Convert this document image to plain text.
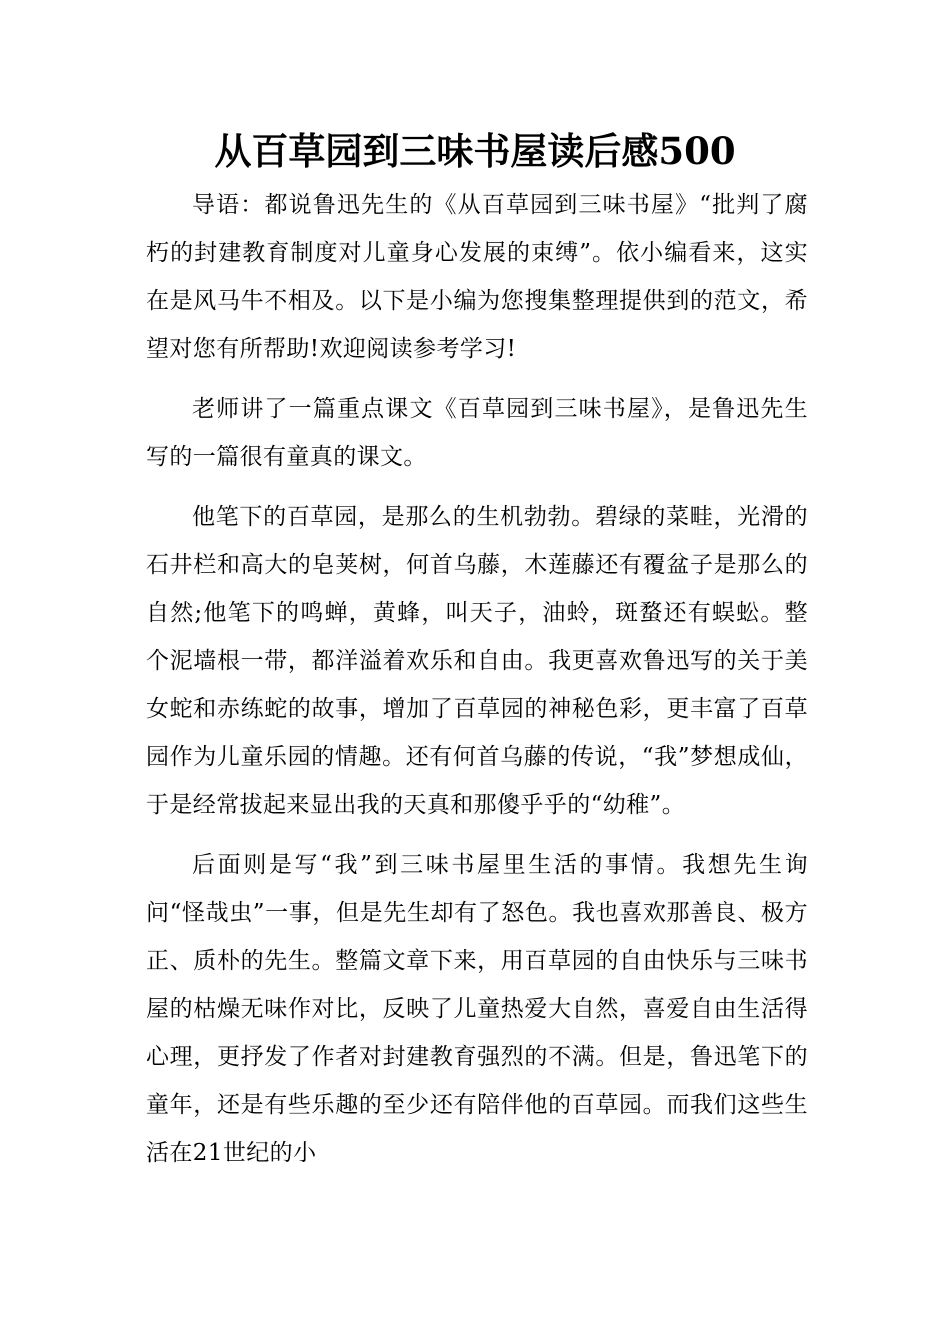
从百草园到三味书屋读后感500

导语：都说鲁迅先生的《从百草园到三味书屋》“批判了腐朽的封建教育制度对儿童身心发展的束缚”。依小编看来，这实在是风马牛不相及。以下是小编为您搜集整理提供到的范文，希望对您有所帮助!欢迎阅读参考学习!

老师讲了一篇重点课文《百草园到三味书屋》，是鲁迅先生写的一篇很有童真的课文。

他笔下的百草园，是那么的生机勃勃。碧绿的菜畦，光滑的石井栏和高大的皂荚树，何首乌藤，木莲藤还有覆盆子是那么的自然;他笔下的鸣蝉，黄蜂，叫天子，油蛉，斑蝥还有蜈蚣。整个泥墙根一带，都洋溢着欢乐和自由。我更喜欢鲁迅写的关于美女蛇和赤练蛇的故事，增加了百草园的神秘色彩，更丰富了百草园作为儿童乐园的情趣。还有何首乌藤的传说，“我”梦想成仙，于是经常拔起来显出我的天真和那傻乎乎的“幼稚”。

后面则是写“我”到三味书屋里生活的事情。我想先生询问“怪哉虫”一事，但是先生却有了怒色。我也喜欢那善良、极方正、质朴的先生。整篇文章下来，用百草园的自由快乐与三味书屋的枯燥无味作对比，反映了儿童热爱大自然，喜爱自由生活得心理，更抒发了作者对封建教育强烈的不满。但是，鲁迅笔下的童年，还是有些乐趣的至少还有陪伴他的百草园。而我们这些生活在21世纪的小
